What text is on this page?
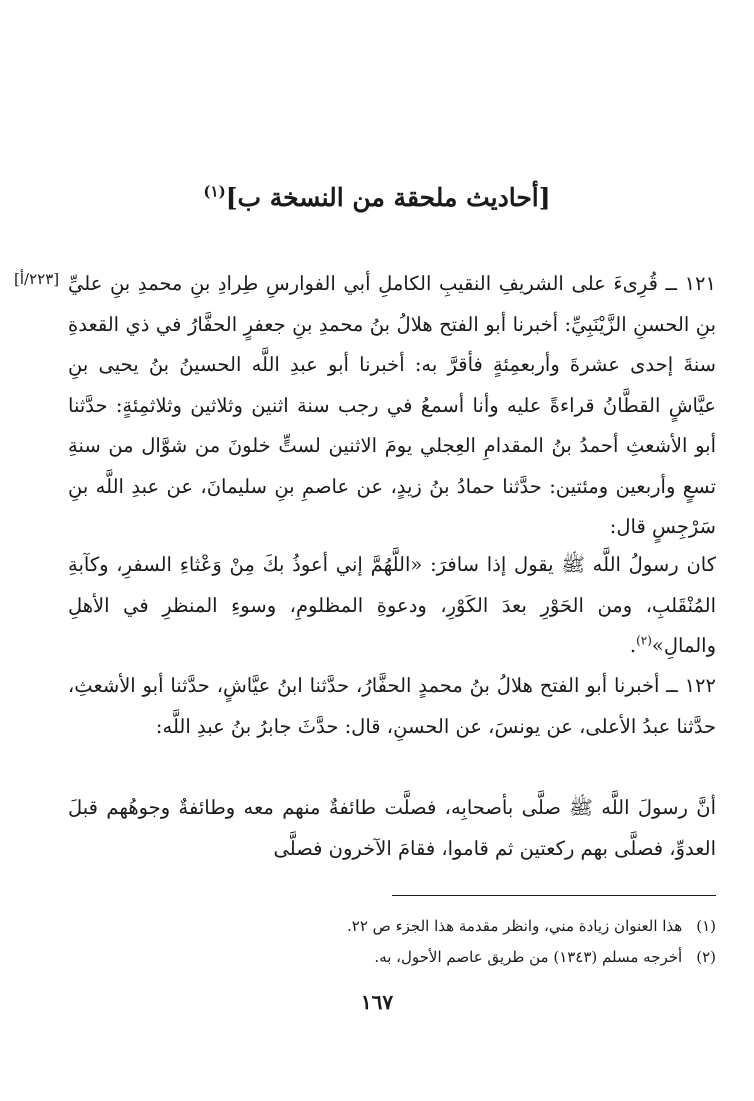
[أحاديث ملحقة من النسخة ب]$^{(١)}$
[٢٢٣/أ] ١٢١ ــ قُرِىءَ على الشريفِ النقيبِ الكاملِ أبي الفوارسِ طِرادِ بنِ محمدِ بنِ عليِّ بنِ الحسنِ الزَّيْنَبِيِّ: أخبرنا أبو الفتح هلالُ بنُ محمدِ بنِ جعفرٍ الحفَّارُ في ذي القعدةِ سنةَ إحدى عشرةَ وأربعمِئةٍ فأقرَّ به: أخبرنا أبو عبدِ اللَّه الحسينُ بنُ يحيى بنِ عيَّاشٍ القطَّانُ قراءةً عليه وأنا أسمعُ في رجب سنة اثنين وثلاثين وثلاثمِئةٍ: حدَّثنا أبو الأشعثِ أحمدُ بنُ المقدامِ العِجلي يومَ الاثنين لستٍّ خلونَ من شوَّال من سنةِ تسعٍ وأربعين ومئتين: حدَّثنا حمادُ بنُ زيدٍ، عن عاصمِ بنِ سليمانَ، عن عبدِ اللَّه بنِ سَرْجِسٍ قال:
كان رسولُ اللَّه ﷺ يقول إذا سافرَ: «اللَّهُمَّ إني أعوذُ بكَ مِنْ وَعْثاءِ السفرِ، وكآبةِ المُنْقَلبِ، ومن الحَوْرِ بعدَ الكَوْرِ، ودعوةِ المظلومِ، وسوءِ المنظرِ في الأهلِ والمالِ»$^{(٢)}$.
١٢٢ ــ أخبرنا أبو الفتح هلالُ بنُ محمدٍ الحفَّارُ، حدَّثنا ابنُ عيَّاشٍ، حدَّثنا أبو الأشعثِ، حدَّثنا عبدُ الأعلى، عن يونسَ، عن الحسنِ، قال: حدَّثَ جابرُ بنُ عبدِ اللَّه:
أنَّ رسولَ اللَّه ﷺ صلَّى بأصحابِه، فصلَّت طائفةٌ منهم معه وطائفةٌ وجوهُهم قبلَ العدوِّ، فصلَّى بهم ركعتين ثم قاموا، فقامَ الآخرون فصلَّى
(١)هذا العنوان زيادة مني، وانظر مقدمة هذا الجزء ص ٢٢.
(٢)أخرجه مسلم (١٣٤٣) من طريق عاصم الأحول، به.
١٦٧
